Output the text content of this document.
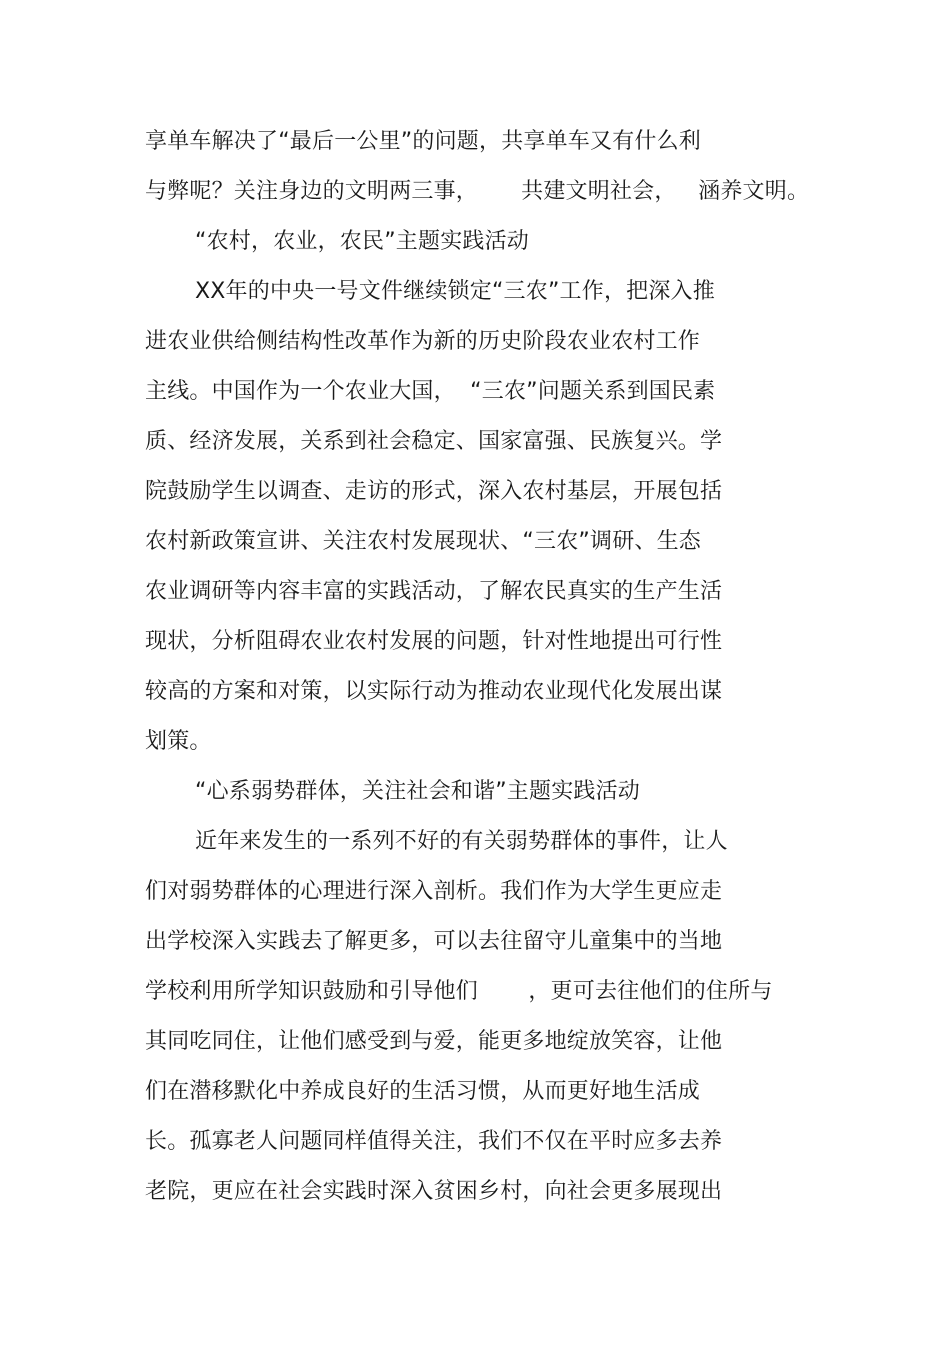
享单车解决了“最后一公里”的问题，共享单车又有什么利
与弊呢？关注身边的文明两三事，      共建文明社会，   涵养文明。
“农村，农业，农民”主题实践活动
XX年的中央一号文件继续锁定“三农”工作，把深入推
进农业供给侧结构性改革作为新的历史阶段农业农村工作
主线。中国作为一个农业大国，  “三农”问题关系到国民素
质、经济发展，关系到社会稳定、国家富强、民族复兴。学
院鼓励学生以调查、走访的形式，深入农村基层，开展包括
农村新政策宣讲、关注农村发展现状、“三农”调研、生态
农业调研等内容丰富的实践活动，了解农民真实的生产生活
现状，分析阻碍农业农村发展的问题，针对性地提出可行性
较高的方案和对策，以实际行动为推动农业现代化发展出谋
划策。
“心系弱势群体，关注社会和谐”主题实践活动
近年来发生的一系列不好的有关弱势群体的事件，让人
们对弱势群体的心理进行深入剖析。我们作为大学生更应走
出学校深入实践去了解更多，可以去往留守儿童集中的当地
学校利用所学知识鼓励和引导他们       ，更可去往他们的住所与
其同吃同住，让他们感受到与爱，能更多地绽放笑容，让他
们在潜移默化中养成良好的生活习惯，从而更好地生活成
长。孤寡老人问题同样值得关注，我们不仅在平时应多去养
老院，更应在社会实践时深入贫困乡村，向社会更多展现出
